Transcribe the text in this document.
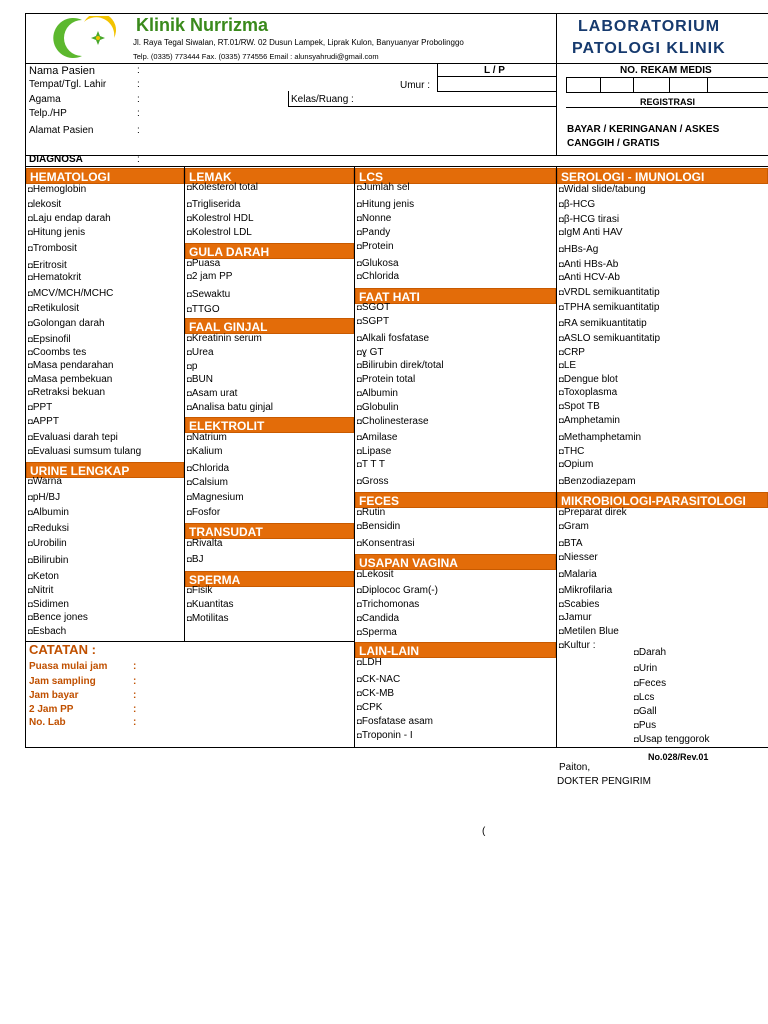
Klinik Nurrizma
Jl. Raya Tegal Siwalan, RT.01/RW. 02 Dusun Lampek, Liprak Kulon, Banyuanyar Probolinggo
Telp. (0335) 773444 Fax. (0335) 774556 Email : alunsyahrudi@gmail.com
LABORATORIUM
PATOLOGI KLINIK
Nama Pasien	:
Tempat/Tgl. Lahir	:
Agama	:
Telp./HP	:
Alamat Pasien	:
Umur :
Kelas/Ruang :
L / P	NO. REKAM MEDIS
REGISTRASI
BAYAR / KERINGANAN / ASKES
CANGGIH / GRATIS
DIAGNOSA	:
HEMATOLOGI
◘Hemoglobin
◘lekosit
◘Laju endap darah
◘Hitung jenis
◘Trombosit
◘Eritrosit
◘Hematokrit
◘MCV/MCH/MCHC
◘Retikulosit
◘Golongan darah
◘Epsinofil
◘Coombs tes
◘Masa pendarahan
◘Masa pembekuan
◘Retraksi bekuan
◘PPT
◘APPT
◘Evaluasi darah tepi
◘Evaluasi sumsum tulang
URINE LENGKAP
◘Warna
◘pH/BJ
◘Albumin
◘Reduksi
◘Urobilin
◘Bilirubin
◘Keton
◘Nitrit
◘Sidimen
◘Bence jones
◘Esbach
LEMAK
◘Kolesterol total
◘Trigliserida
◘Kolestrol HDL
◘Kolestrol LDL
GULA DARAH
◘Puasa
◘2 jam PP
◘Sewaktu
◘TTGO
FAAL GINJAL
◘Kreatinin serum
◘Urea
◘p
◘BUN
◘Asam urat
◘Analisa batu ginjal
ELEKTROLIT
◘Natrium
◘Kalium
◘Chlorida
◘Calsium
◘Magnesium
◘Fosfor
TRANSUDAT
◘Rivalta
◘BJ
SPERMA
◘Fisik
◘Kuantitas
◘Motilitas
LCS
◘Jumlah sel
◘Hitung jenis
◘Nonne
◘Pandy
◘Protein
◘Glukosa
◘Chlorida
FAAT HATI
◘SGOT
◘SGPT
◘Alkali fosfatase
◘ɣ GT
◘Bilirubin direk/total
◘Protein total
◘Albumin
◘Globulin
◘Cholinesterase
◘Amilase
◘Lipase
◘T T T
◘Gross
FECES
◘Rutin
◘Bensidin
◘Konsentrasi
USAPAN VAGINA
◘Lekosit
◘Diplococ Gram(-)
◘Trichomonas
◘Candida
◘Sperma
LAIN-LAIN
◘LDH
◘CK-NAC
◘CK-MB
◘CPK
◘Fosfatase asam
◘Troponin - I
SEROLOGI - IMUNOLOGI
◘Widal slide/tabung
◘β-HCG
◘β-HCG tirasi
◘IgM Anti HAV
◘HBs-Ag
◘Anti HBs-Ab
◘Anti HCV-Ab
◘VRDL semikuantitatip
◘TPHA semikuantitatip
◘RA semikuantitatip
◘ASLO semikuantitatip
◘CRP
◘LE
◘Dengue blot
◘Toxoplasma
◘Spot TB
◘Amphetamin
◘Methamphetamin
◘THC
◘Opium
◘Benzodiazepam
MIKROBIOLOGI-PARASITOLOGI
◘Preparat direk
◘Gram
◘BTA
◘Niesser
◘Malaria
◘Mikrofilaria
◘Scabies
◘Jamur
◘Metilen Blue
◘Kultur :
◘Darah
◘Urin
◘Feces
◘Lcs
◘Gall
◘Pus
◘Usap tenggorok
CATATAN :
Puasa mulai jam	:
Jam sampling	:
Jam bayar	:
2 Jam PP	:
No. Lab	:
No.028/Rev.01
Paiton,
DOKTER PENGIRIM
(
